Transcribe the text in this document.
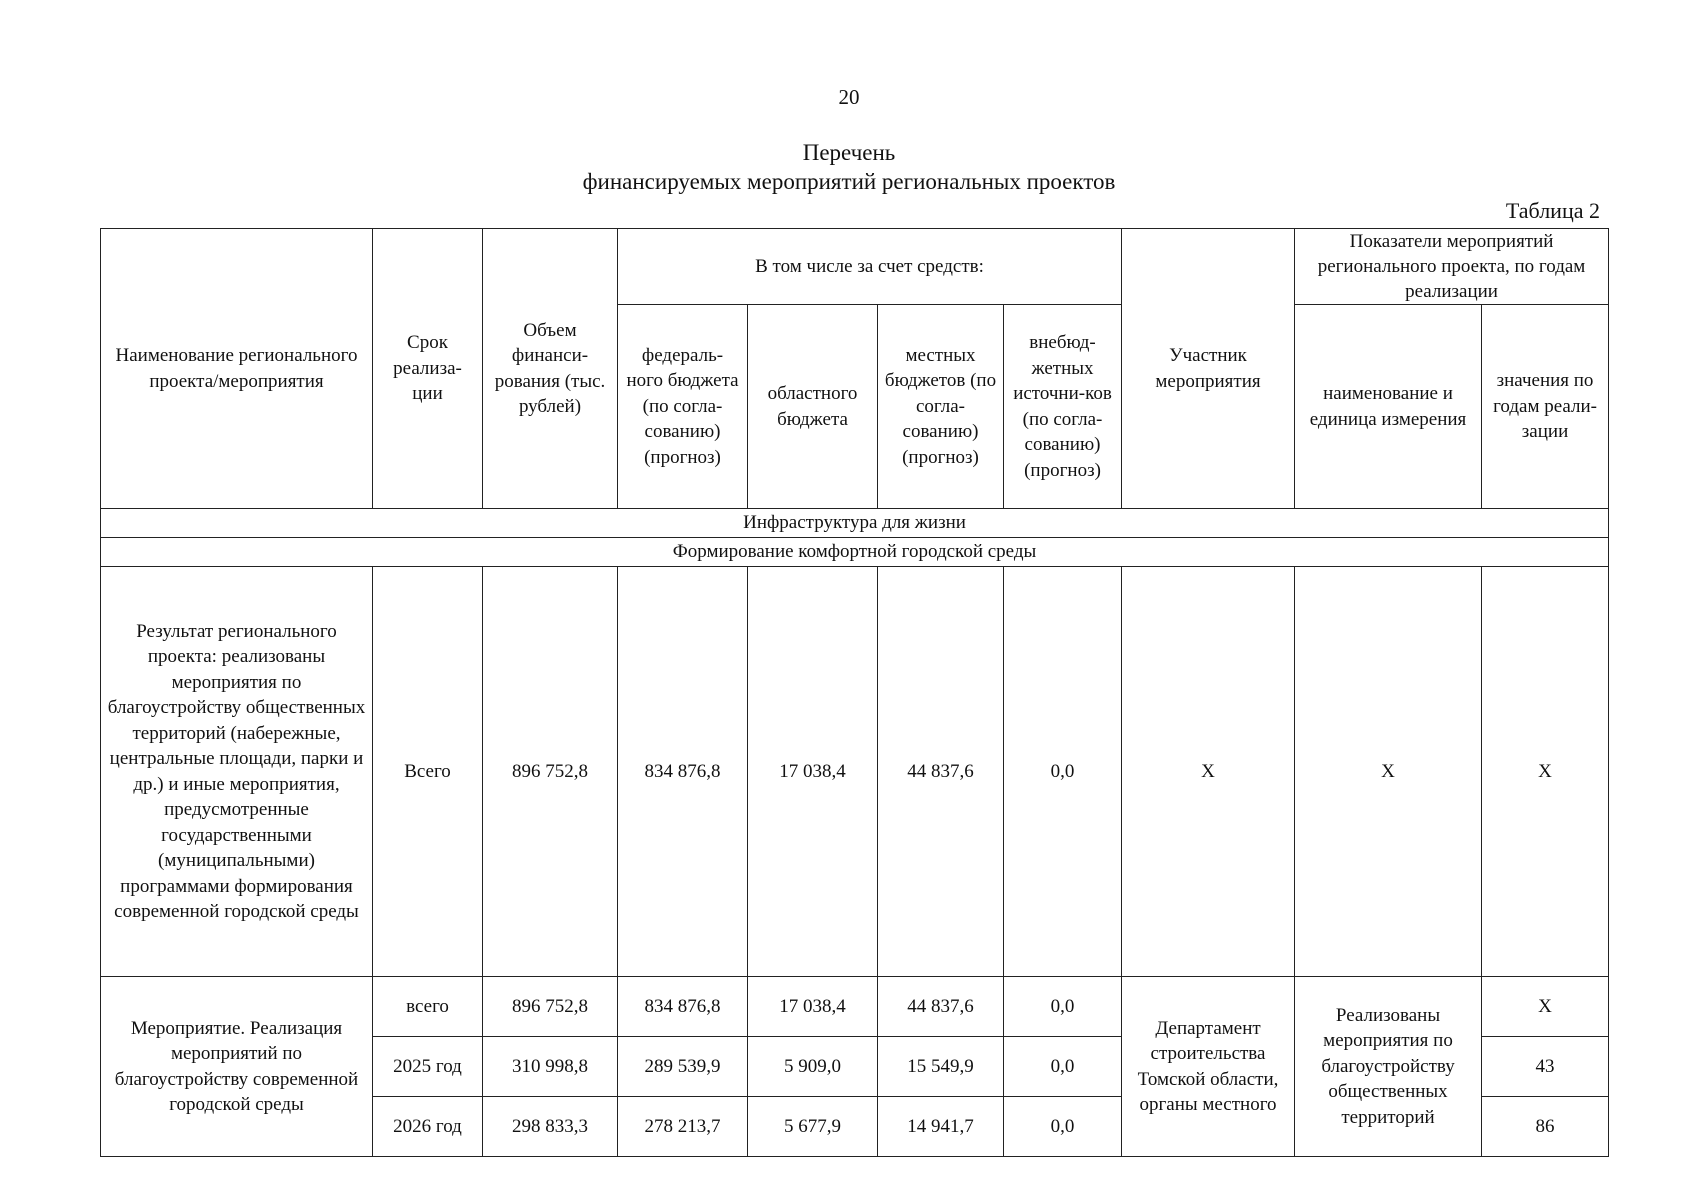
20
Перечень
финансируемых мероприятий региональных проектов
Таблица 2
Наименование регионального проекта/мероприятия	Срок реализа-ции	Объем финанси-рования (тыс. рублей)	В том числе за счет средств:				Участник мероприятия	Показатели мероприятий регионального проекта, по годам реализации	
			федераль-ного бюджета (по согла-сованию) (прогноз)	областного бюджета	местных бюджетов (по согла-сованию) (прогноз)	внебюд-жетных источни-ков (по согла-сованию) (прогноз)		наименование и единица измерения	значения по годам реали-зации
Инфраструктура для жизни									
Формирование комфортной городской среды									
Результат регионального проекта: реализованы мероприятия по благоустройству общественных территорий (набережные, центральные площади, парки и др.) и иные мероприятия, предусмотренные государственными (муниципальными) программами формирования современной городской среды	Всего	896 752,8	834 876,8	17 038,4	44 837,6	0,0	X	X	X
Мероприятие. Реализация мероприятий по благоустройству современной городской среды	всего	896 752,8	834 876,8	17 038,4	44 837,6	0,0	Департамент строительства Томской области, органы местного	Реализованы мероприятия по благоустройству общественных территорий	X
	2025 год	310 998,8	289 539,9	5 909,0	15 549,9	0,0			43
	2026 год	298 833,3	278 213,7	5 677,9	14 941,7	0,0			86
